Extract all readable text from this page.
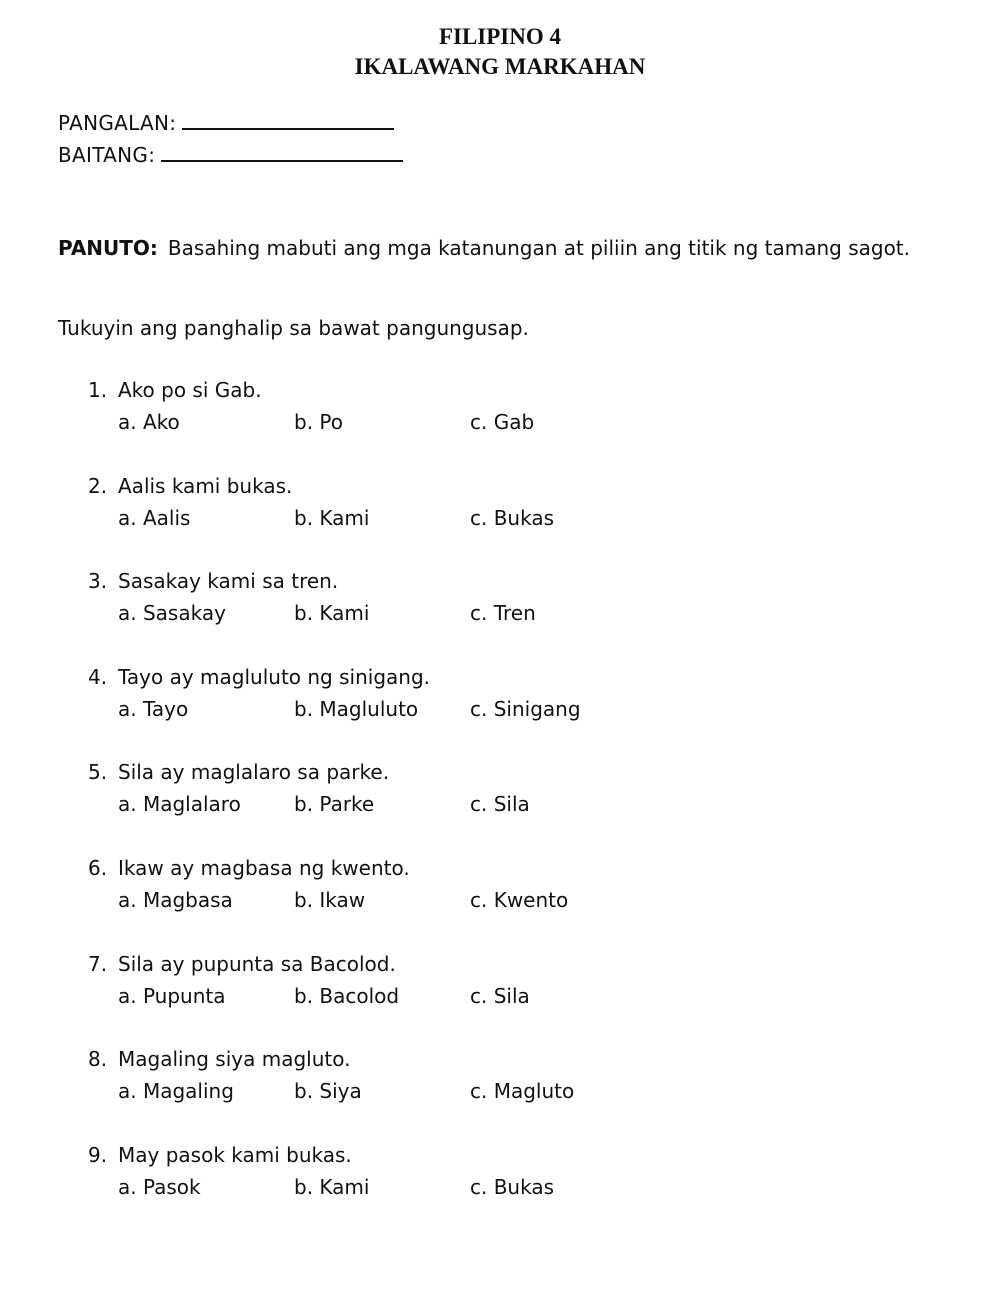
FILIPINO 4
IKALAWANG MARKAHAN
PANGALAN:
BAITANG:
PANUTO: Basahing mabuti ang mga katanungan at piliin ang titik ng tamang sagot.
Tukuyin ang panghalip sa bawat pangungusap.
1. Ako po si Gab.
a. Ako	b. Po	c. Gab
2. Aalis kami bukas.
a. Aalis	b. Kami	c. Bukas
3. Sasakay kami sa tren.
a. Sasakay	b. Kami	c. Tren
4. Tayo ay magluluto ng sinigang.
a. Tayo	b. Magluluto	c. Sinigang
5. Sila ay maglalaro sa parke.
a. Maglalaro	b. Parke	c. Sila
6. Ikaw ay magbasa ng kwento.
a. Magbasa	b. Ikaw	c. Kwento
7. Sila ay pupunta sa Bacolod.
a. Pupunta	b. Bacolod	c. Sila
8. Magaling siya magluto.
a. Magaling	b. Siya	c. Magluto
9. May pasok kami bukas.
a. Pasok	b. Kami	c. Bukas
